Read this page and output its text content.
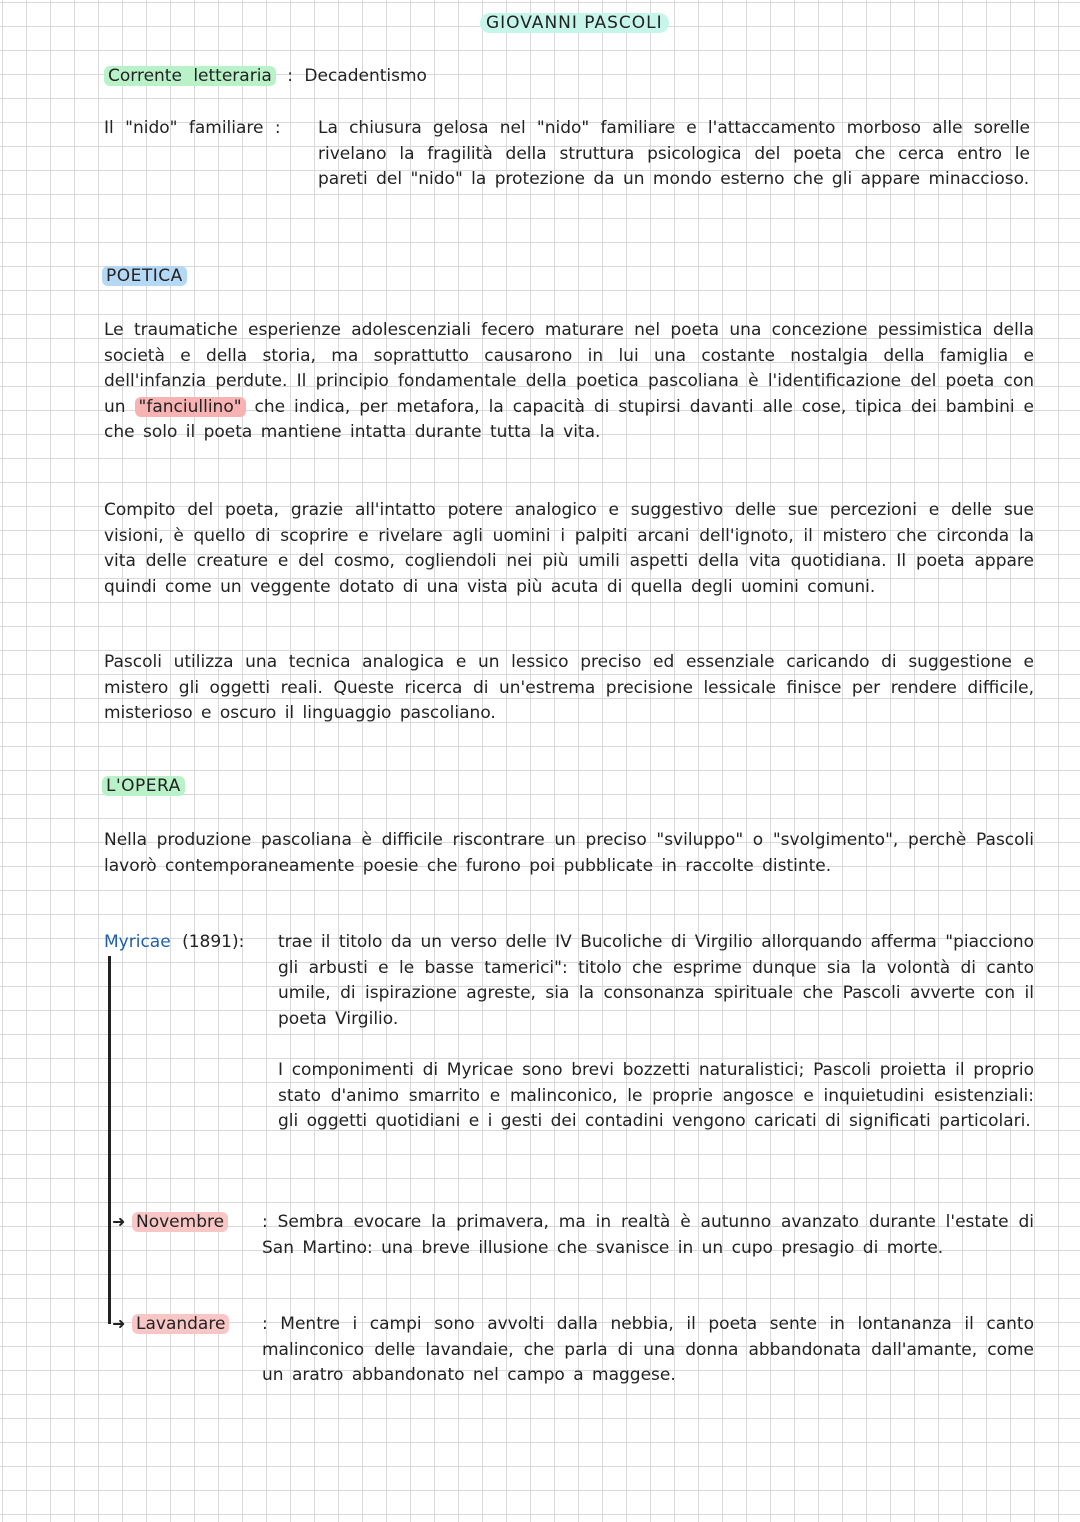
GIOVANNI PASCOLI
Corrente letteraria : Decadentismo
Il "nido" familiare : La chiusura gelosa nel "nido" familiare e l'attaccamento morboso alle sorelle rivelano la fragilità della struttura psicologica del poeta che cerca entro le pareti del "nido" la protezione da un mondo esterno che gli appare minaccioso.
POETICA
Le traumatiche esperienze adolescenziali fecero maturare nel poeta una concezione pessimistica della società e della storia, ma soprattutto causarono in lui una costante nostalgia della famiglia e dell'infanzia perdute. Il principio fondamentale della poetica pascoliana è l'identificazione del poeta con un "fanciullino" che indica, per metafora, la capacità di stupirsi davanti alle cose, tipica dei bambini e che solo il poeta mantiene intatta durante tutta la vita.
Compito del poeta, grazie all'intatto potere analogico e suggestivo delle sue percezioni e delle sue visioni, è quello di scoprire e rivelare agli uomini i palpiti arcani dell'ignoto, il mistero che circonda la vita delle creature e del cosmo, cogliendoli nei più umili aspetti della vita quotidiana. Il poeta appare quindi come un veggente dotato di una vista più acuta di quella degli uomini comuni.
Pascoli utilizza una tecnica analogica e un lessico preciso ed essenziale caricando di suggestione e mistero gli oggetti reali. Queste ricerca di un'estrema precisione lessicale finisce per rendere difficile, misterioso e oscuro il linguaggio pascoliano.
L'OPERA
Nella produzione pascoliana è difficile riscontrare un preciso "sviluppo" o "svolgimento", perchè Pascoli lavorò contemporaneamente poesie che furono poi pubblicate in raccolte distinte.
Myricae (1891): trae il titolo da un verso delle IV Bucoliche di Virgilio allorquando afferma "piacciono gli arbusti e le basse tamerici": titolo che esprime dunque sia la volontà di canto umile, di ispirazione agreste, sia la consonanza spirituale che Pascoli avverte con il poeta Virgilio.
I componimenti di Myricae sono brevi bozzetti naturalistici; Pascoli proietta il proprio stato d'animo smarrito e malinconico, le proprie angosce e inquietudini esistenziali: gli oggetti quotidiani e i gesti dei contadini vengono caricati di significati particolari.
➜ Novembre : Sembra evocare la primavera, ma in realtà è autunno avanzato durante l'estate di San Martino: una breve illusione che svanisce in un cupo presagio di morte.
➜ Lavandare : Mentre i campi sono avvolti dalla nebbia, il poeta sente in lontananza il canto malinconico delle lavandaie, che parla di una donna abbandonata dall'amante, come un aratro abbandonato nel campo a maggese.
